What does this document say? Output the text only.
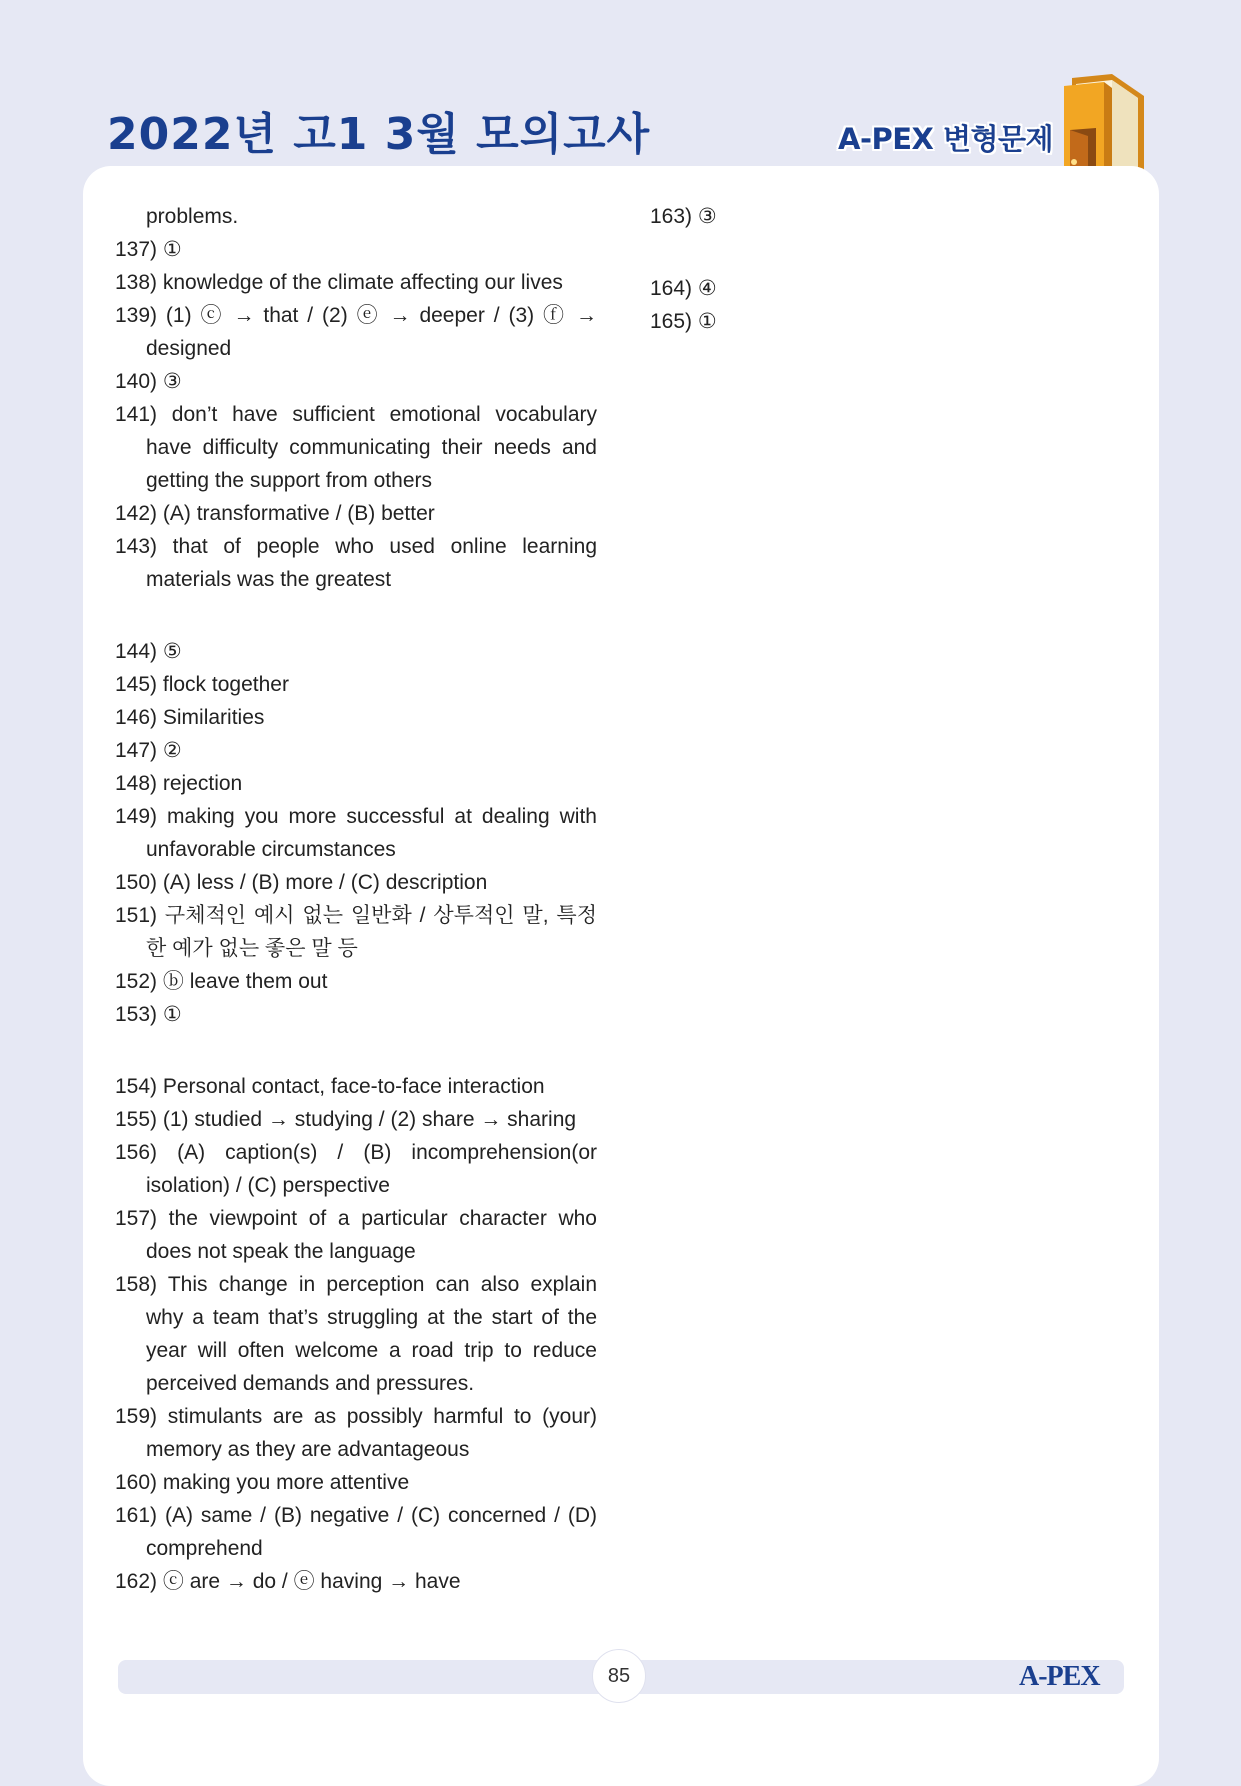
2022년 고1 3월 모의고사	A-PEX 변형문제
problems.
137) ①
138) knowledge of the climate affecting our lives
139) (1) ⓒ → that / (2) ⓔ → deeper / (3) ⓕ → designed
140) ③
141) don’t have sufficient emotional vocabulary have difficulty communicating their needs and getting the support from others
142) (A) transformative / (B) better
143) that of people who used online learning materials was the greatest
144) ⑤
145) flock together
146) Similarities
147) ②
148) rejection
149) making you more successful at dealing with unfavorable circumstances
150) (A) less / (B) more / (C) description
151) 구체적인 예시 없는 일반화 / 상투적인 말, 특정한 예가 없는 좋은 말 등
152) ⓑ leave them out
153) ①
154) Personal contact, face-to-face interaction
155) (1) studied → studying / (2) share → sharing
156) (A) caption(s) / (B) incomprehension(or isolation) / (C) perspective
157) the viewpoint of a particular character who does not speak the language
158) This change in perception can also explain why a team that’s struggling at the start of the year will often welcome a road trip to reduce perceived demands and pressures.
159) stimulants are as possibly harmful to (your) memory as they are advantageous
160) making you more attentive
161) (A) same / (B) negative / (C) concerned / (D) comprehend
162) ⓒ are → do / ⓔ having → have
163) ③
164) ④
165) ①
85	A-PEX
